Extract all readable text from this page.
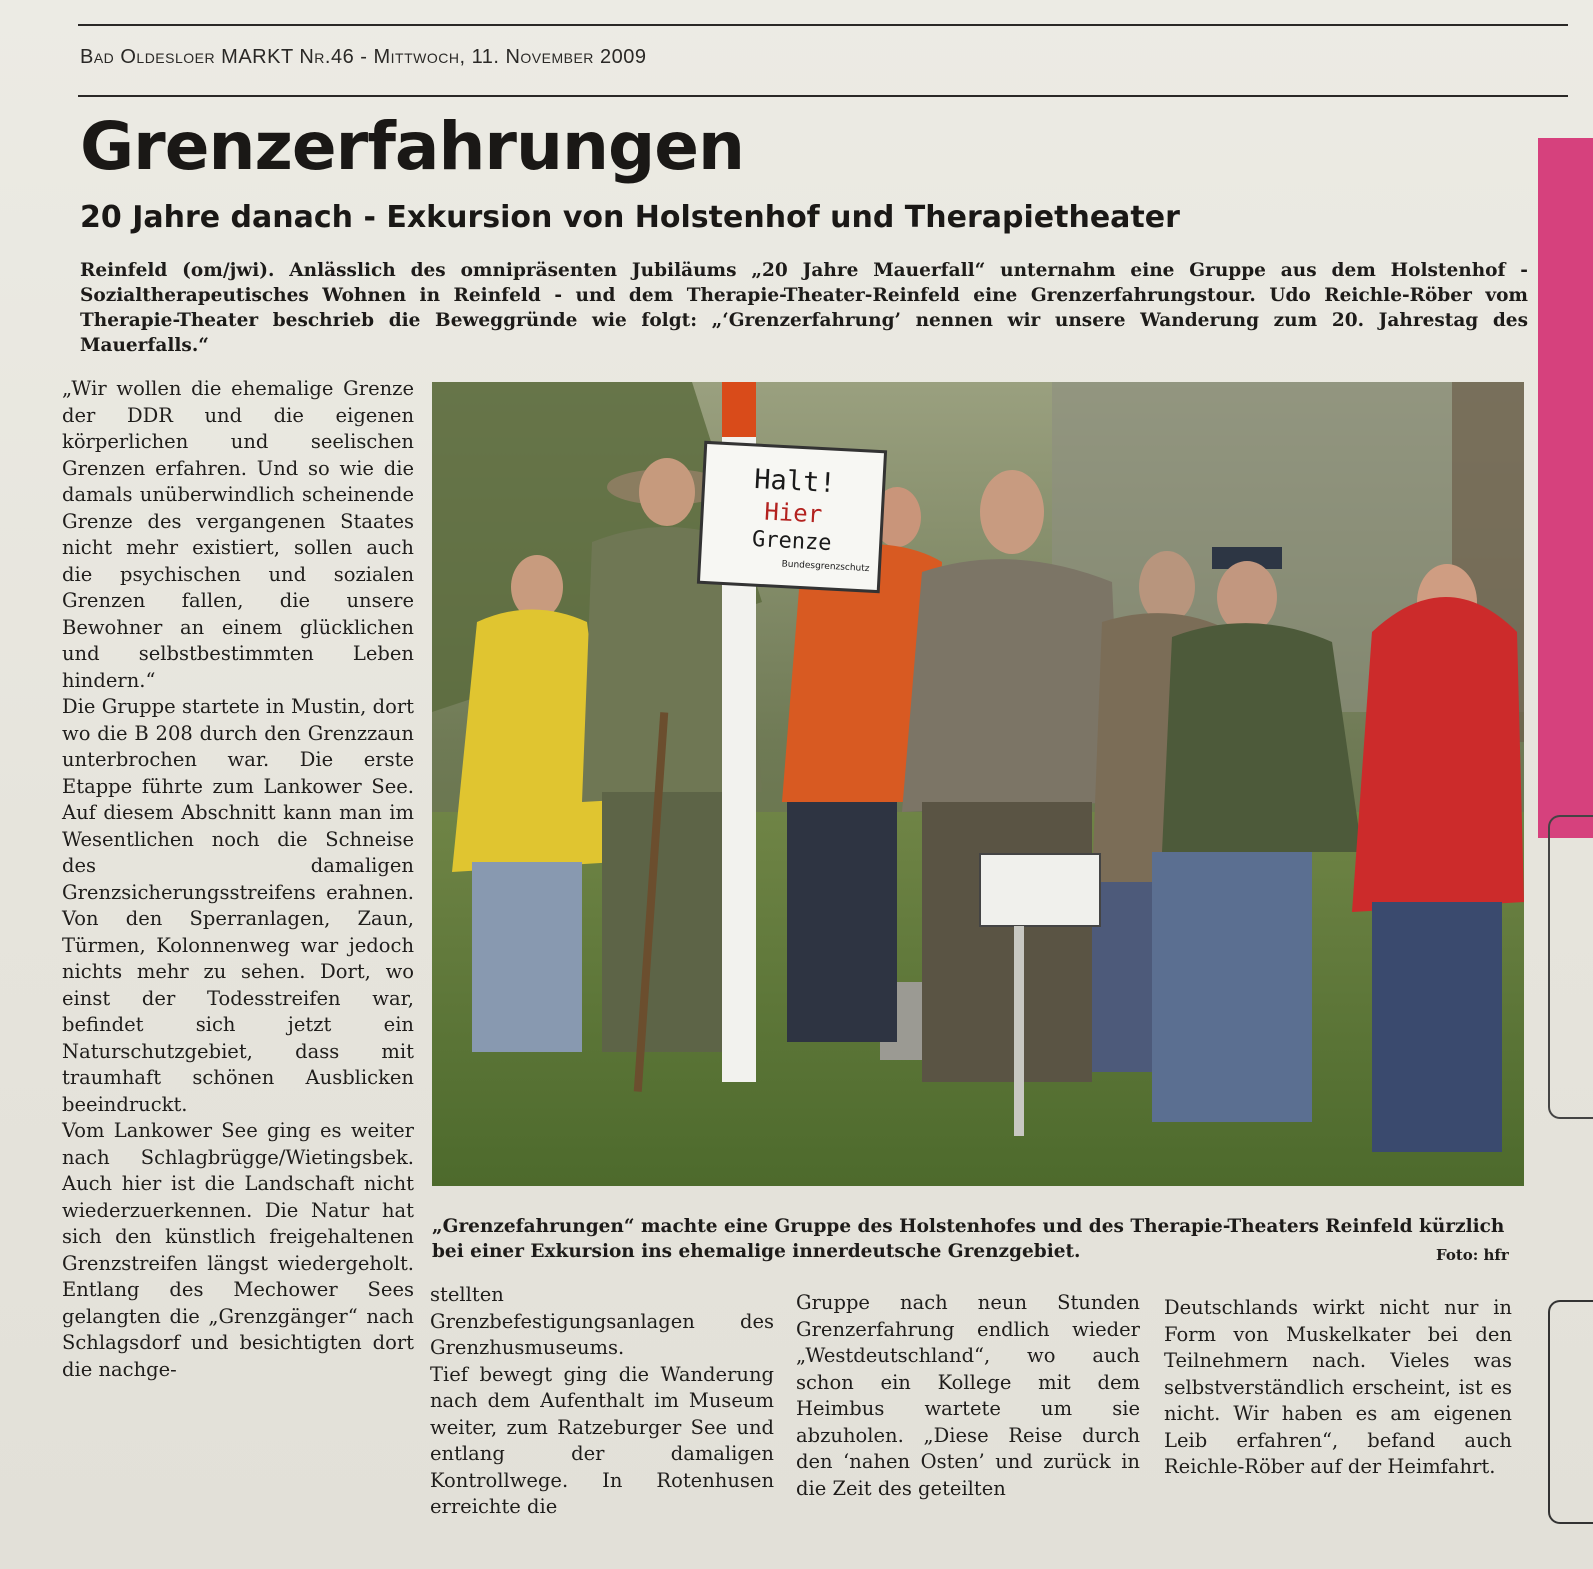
Bad Oldesloer MARKT Nr.46 - Mittwoch, 11. November 2009
Grenzerfahrungen
20 Jahre danach - Exkursion von Holstenhof und Therapietheater
Reinfeld (om/jwi). Anlässlich des omnipräsenten Jubiläums „20 Jahre Mauerfall“ unternahm eine Gruppe aus dem Holstenhof - Sozialtherapeutisches Wohnen in Reinfeld - und dem Therapie-Theater-Reinfeld eine Grenzerfahrungstour. Udo Reichle-Röber vom Therapie-Theater beschrieb die Beweggründe wie folgt: „‘Grenzerfahrung’ nennen wir unsere Wanderung zum 20. Jahrestag des Mauerfalls.“
„Wir wollen die ehemalige Grenze der DDR und die eigenen körperlichen und seelischen Grenzen erfahren. Und so wie die damals unüberwindlich scheinende Grenze des vergangenen Staates nicht mehr existiert, sollen auch die psychischen und sozialen Grenzen fallen, die unsere Bewohner an einem glücklichen und selbstbestimmten Leben hindern.“
Die Gruppe startete in Mustin, dort wo die B 208 durch den Grenzzaun unterbrochen war. Die erste Etappe führte zum Lankower See. Auf diesem Abschnitt kann man im Wesentlichen noch die Schneise des damaligen Grenzsicherungsstreifens erahnen. Von den Sperranlagen, Zaun, Türmen, Kolonnenweg war jedoch nichts mehr zu sehen. Dort, wo einst der Todesstreifen war, befindet sich jetzt ein Naturschutzgebiet, dass mit traumhaft schönen Ausblicken beeindruckt.
Vom Lankower See ging es weiter nach Schlagbrügge/Wietingsbek. Auch hier ist die Landschaft nicht wiederzuerkennen. Die Natur hat sich den künstlich freigehaltenen Grenzstreifen längst wiedergeholt. Entlang des Mechower Sees gelangten die „Grenzgänger“ nach Schlagsdorf und besichtigten dort die nachge-
Halt!
Hier
Grenze
Bundesgrenzschutz
„Grenzefahrungen“ machte eine Gruppe des Holstenhofes und des Therapie-Theaters Reinfeld kürzlich bei einer Exkursion ins ehemalige innerdeutsche Grenzgebiet.	Foto: hfr
stellten Grenzbefestigungsanlagen des Grenzhusmuseums.
Tief bewegt ging die Wanderung nach dem Aufenthalt im Museum weiter, zum Ratzeburger See und entlang der damaligen Kontrollwege. In Rotenhusen erreichte die
Gruppe nach neun Stunden Grenzerfahrung endlich wieder „Westdeutschland“, wo auch schon ein Kollege mit dem Heimbus wartete um sie abzuholen. „Diese Reise durch den ‘nahen Osten’ und zurück in die Zeit des geteilten
Deutschlands wirkt nicht nur in Form von Muskelkater bei den Teilnehmern nach. Vieles was selbstverständlich erscheint, ist es nicht. Wir haben es am eigenen Leib erfahren“, befand auch Reichle-Röber auf der Heimfahrt.
